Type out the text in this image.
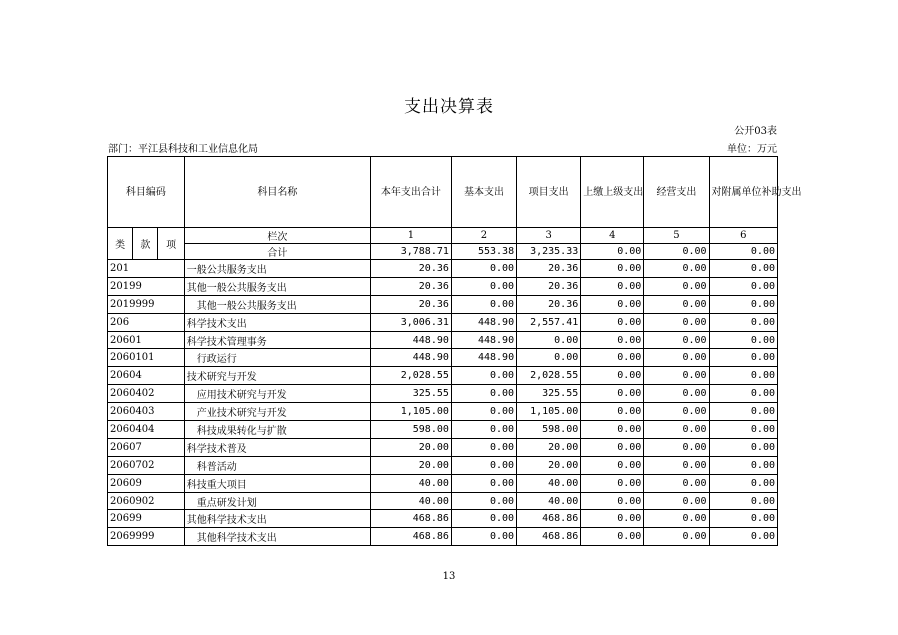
支出决算表
公开03表
部门：平江县科技和工业信息化局	单位：万元
科目编码			科目名称	本年支出合计	基本支出	项目支出	上缴上级支出	经营支出	对附属单位补助支出
类	款	项	栏次	1	2	3	4	5	6
			合计	3,788.71	553.38	3,235.33	0.00	0.00	0.00
201			一般公共服务支出	20.36	0.00	20.36	0.00	0.00	0.00
20199			其他一般公共服务支出	20.36	0.00	20.36	0.00	0.00	0.00
2019999			其他一般公共服务支出	20.36	0.00	20.36	0.00	0.00	0.00
206			科学技术支出	3,006.31	448.90	2,557.41	0.00	0.00	0.00
20601			科学技术管理事务	448.90	448.90	0.00	0.00	0.00	0.00
2060101			行政运行	448.90	448.90	0.00	0.00	0.00	0.00
20604			技术研究与开发	2,028.55	0.00	2,028.55	0.00	0.00	0.00
2060402			应用技术研究与开发	325.55	0.00	325.55	0.00	0.00	0.00
2060403			产业技术研究与开发	1,105.00	0.00	1,105.00	0.00	0.00	0.00
2060404			科技成果转化与扩散	598.00	0.00	598.00	0.00	0.00	0.00
20607			科学技术普及	20.00	0.00	20.00	0.00	0.00	0.00
2060702			科普活动	20.00	0.00	20.00	0.00	0.00	0.00
20609			科技重大项目	40.00	0.00	40.00	0.00	0.00	0.00
2060902			重点研发计划	40.00	0.00	40.00	0.00	0.00	0.00
20699			其他科学技术支出	468.86	0.00	468.86	0.00	0.00	0.00
2069999			其他科学技术支出	468.86	0.00	468.86	0.00	0.00	0.00
13
